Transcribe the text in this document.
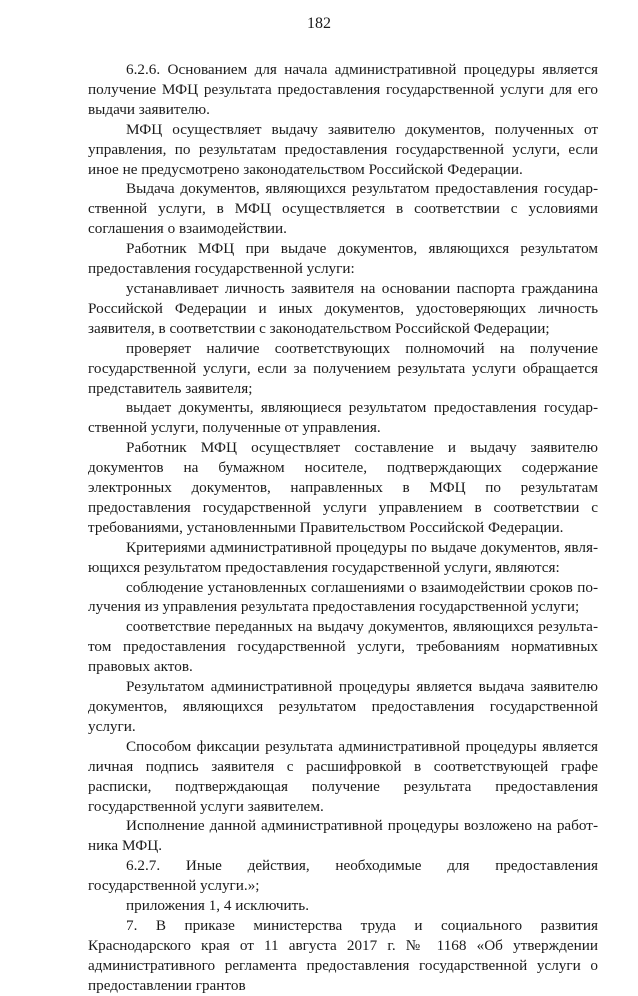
182

6.2.6. Основанием для начала административной процедуры является получение МФЦ результата предоставления государственной услуги для его выдачи заявителю.

МФЦ осуществляет выдачу заявителю документов, полученных от управления, по результатам предоставления государственной услуги, если иное не предусмотрено законодательством Российской Федерации.

Выдача документов, являющихся результатом предоставления государственной услуги, в МФЦ осуществляется в соответствии с условиями соглашения о взаимодействии.

Работник МФЦ при выдаче документов, являющихся результатом предоставления государственной услуги:

устанавливает личность заявителя на основании паспорта гражданина Российской Федерации и иных документов, удостоверяющих личность заявителя, в соответствии с законодательством Российской Федерации;

проверяет наличие соответствующих полномочий на получение государственной услуги, если за получением результата услуги обращается представитель заявителя;

выдает документы, являющиеся результатом предоставления государственной услуги, полученные от управления.

Работник МФЦ осуществляет составление и выдачу заявителю документов на бумажном носителе, подтверждающих содержание электронных документов, направленных в МФЦ по результатам предоставления государственной услуги управлением в соответствии с требованиями, установленными Правительством Российской Федерации.

Критериями административной процедуры по выдаче документов, являющихся результатом предоставления государственной услуги, являются:

соблюдение установленных соглашениями о взаимодействии сроков получения из управления результата предоставления государственной услуги;

соответствие переданных на выдачу документов, являющихся результатом предоставления государственной услуги, требованиям нормативных правовых актов.

Результатом административной процедуры является выдача заявителю документов, являющихся результатом предоставления государственной услуги.

Способом фиксации результата административной процедуры является личная подпись заявителя с расшифровкой в соответствующей графе расписки, подтверждающая получение результата предоставления государственной услуги заявителем.

Исполнение данной административной процедуры возложено на работника МФЦ.

6.2.7. Иные действия, необходимые для предоставления государственной услуги.»;

приложения 1, 4 исключить.

7. В приказе министерства труда и социального развития Краснодарского края от 11 августа 2017 г. № 1168 «Об утверждении административного регламента предоставления государственной услуги о предоставлении грантов
